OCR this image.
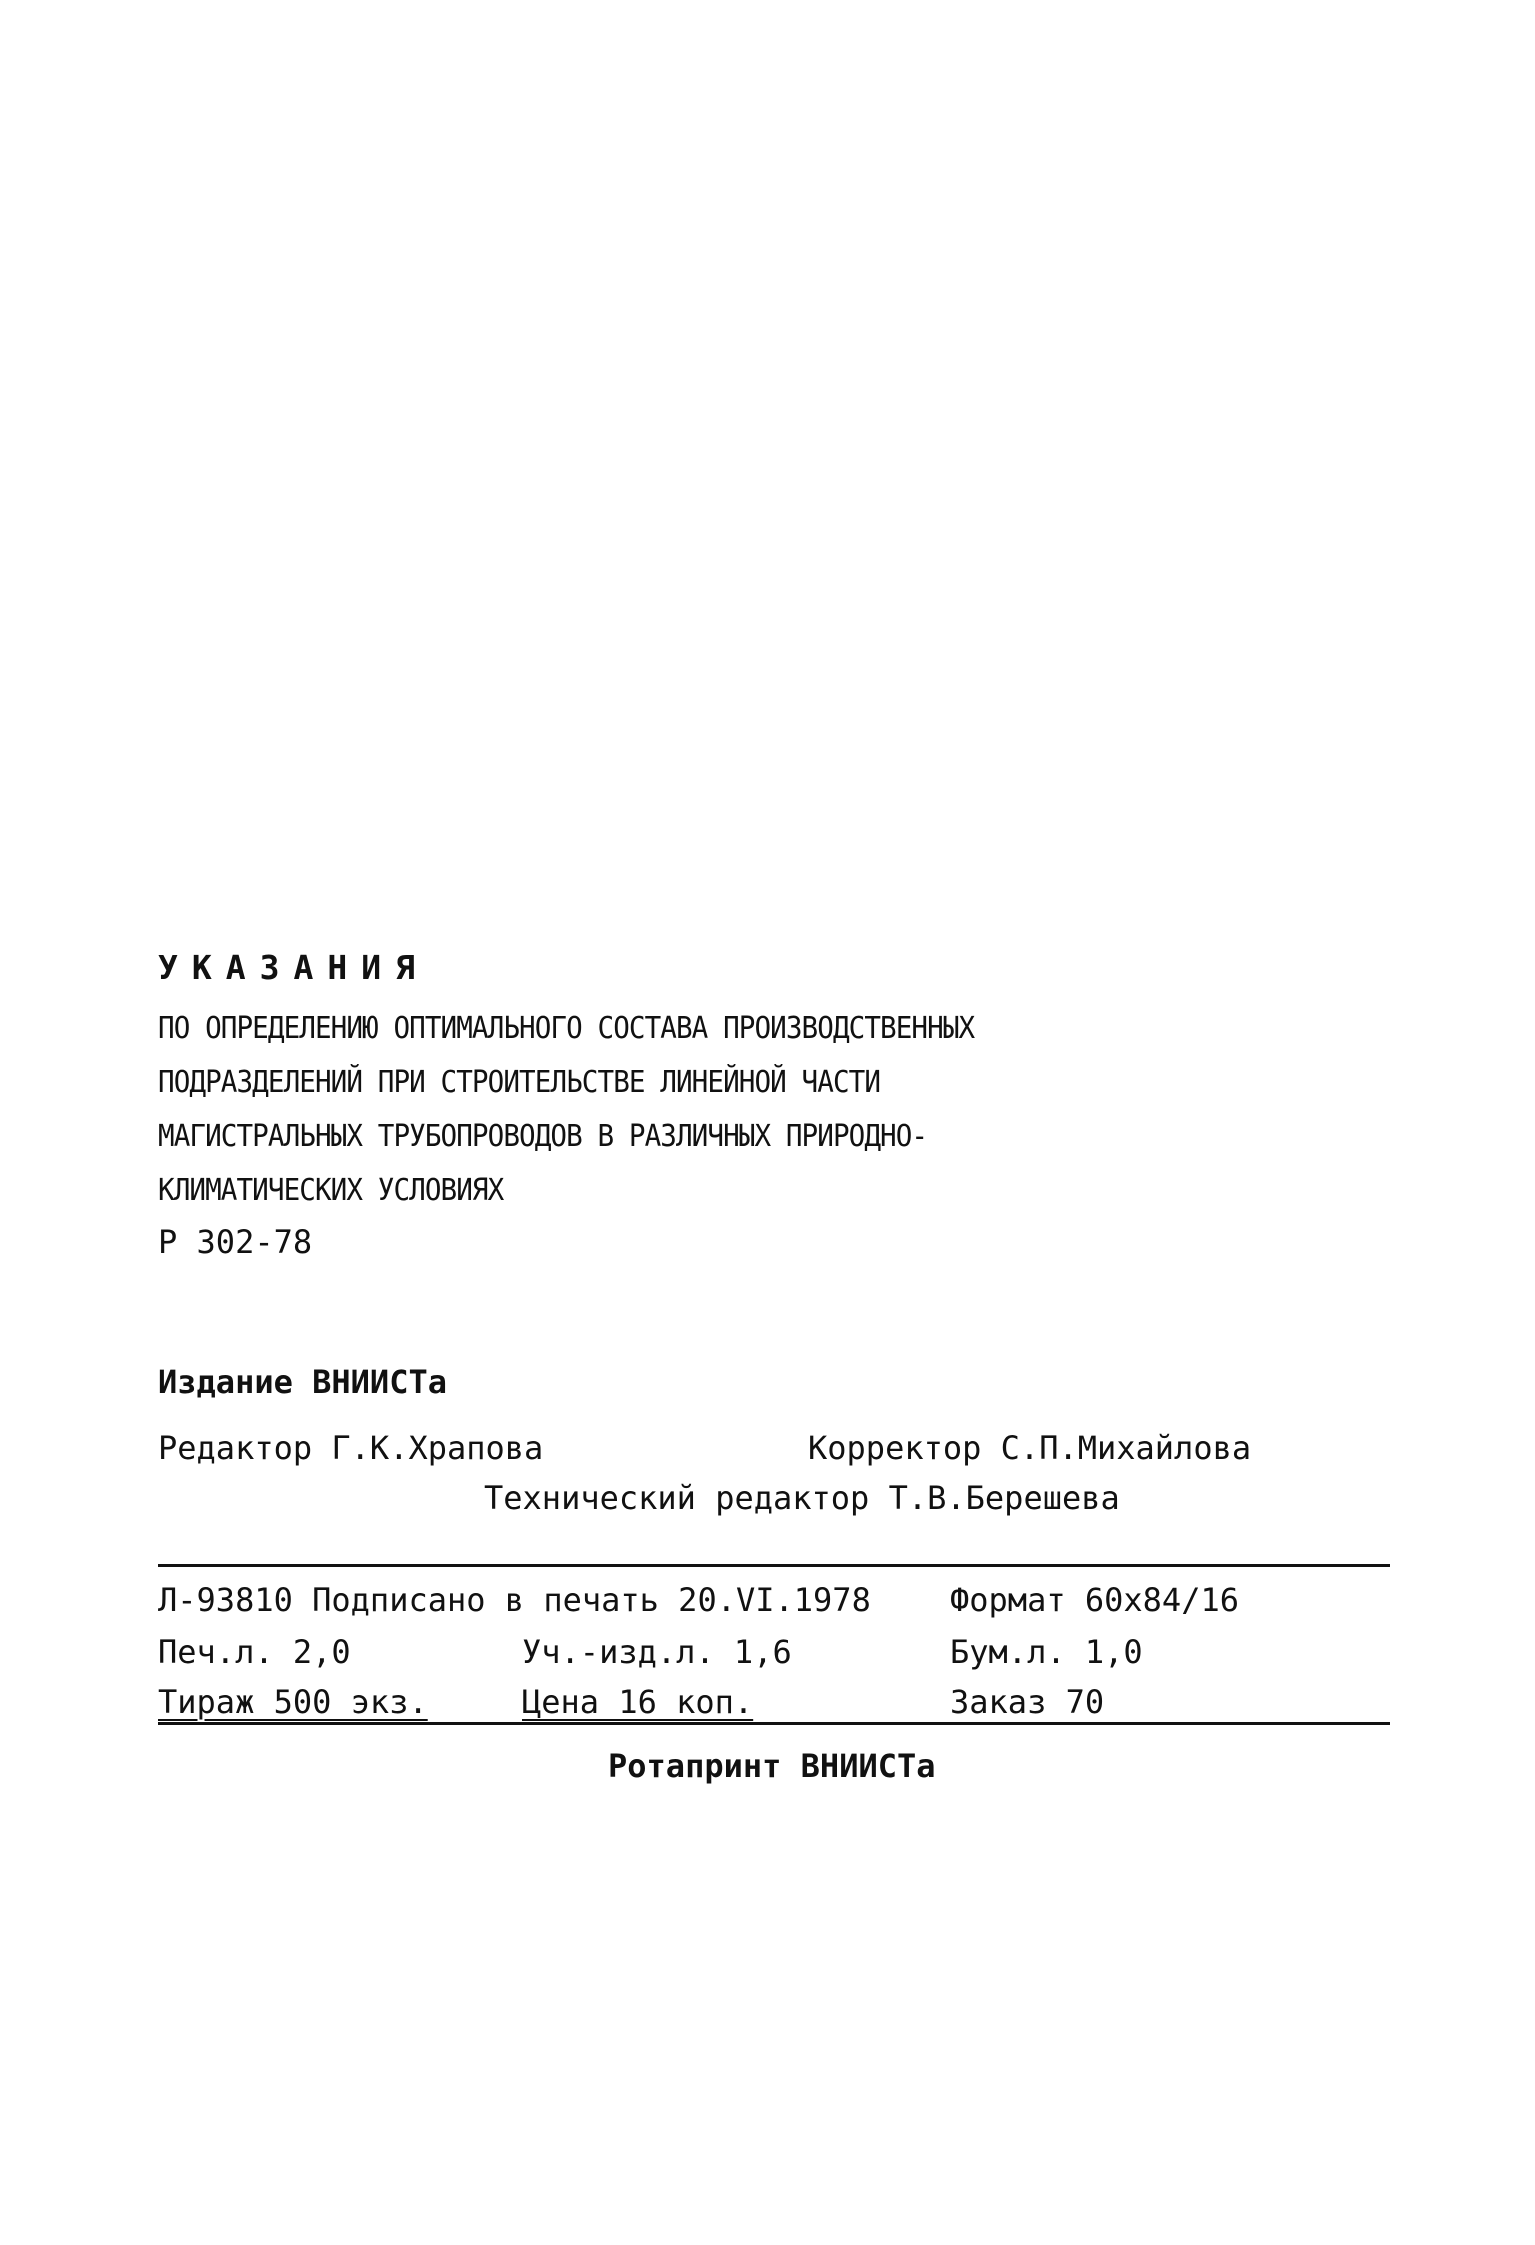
УКАЗАНИЯ
ПО ОПРЕДЕЛЕНИЮ ОПТИМАЛЬНОГО СОСТАВА ПРОИЗВОДСТВЕННЫХ
ПОДРАЗДЕЛЕНИЙ ПРИ СТРОИТЕЛЬСТВЕ ЛИНЕЙНОЙ ЧАСТИ
МАГИСТРАЛЬНЫХ ТРУБОПРОВОДОВ В РАЗЛИЧНЫХ ПРИРОДНО-
КЛИМАТИЧЕСКИХ УСЛОВИЯХ
Р 302-78
Издание ВНИИСТа
Редактор Г.К.Храпова	Корректор С.П.Михайлова
Технический редактор Т.В.Берешева
Л-93810 Подписано в печать 20.VI.1978 Формат 60х84/16
Печ.л. 2,0	Уч.-изд.л. 1,6	Бум.л. 1,0
Тираж 500 экз.	Цена 16 коп.	Заказ 70
Ротапринт ВНИИСТа
